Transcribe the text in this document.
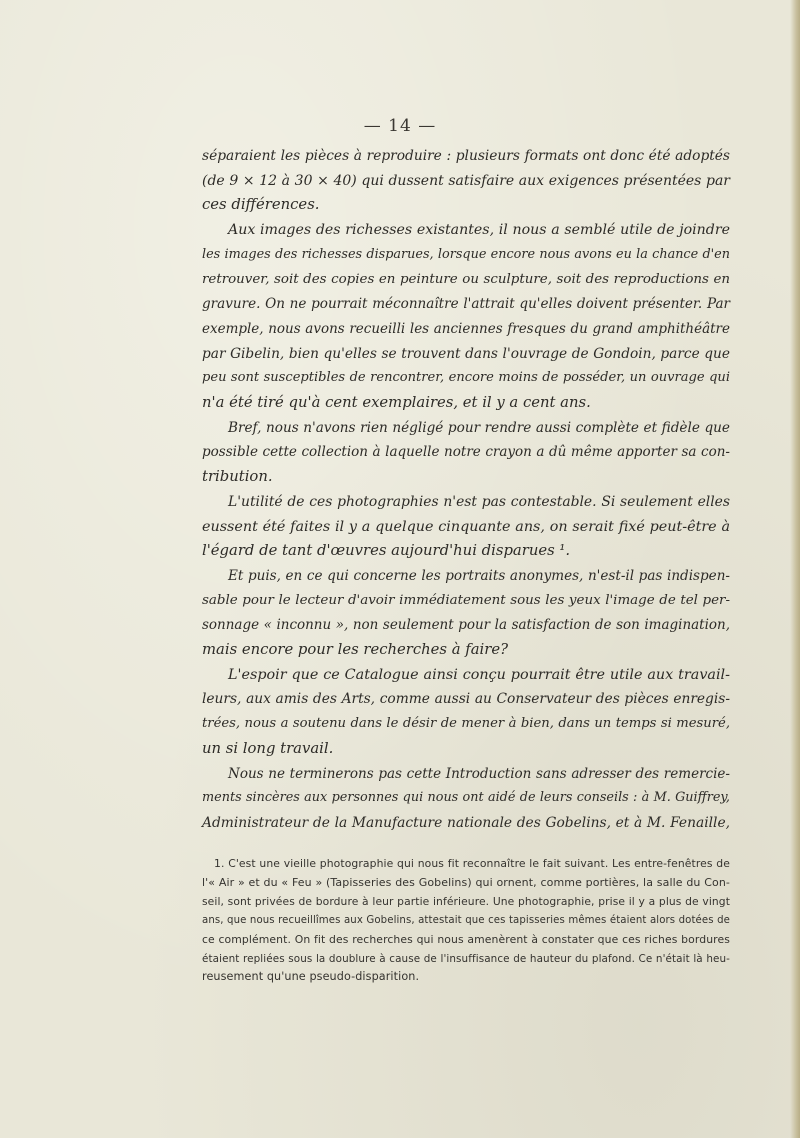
— 14 —
séparaient les pièces à reproduire : plusieurs formats ont donc été adoptés
(de 9 × 12 à 30 × 40) qui dussent satisfaire aux exigences présentées par
ces différences.
Aux images des richesses existantes, il nous a semblé utile de joindre
les images des richesses disparues, lorsque encore nous avons eu la chance d'en
retrouver, soit des copies en peinture ou sculpture, soit des reproductions en
gravure. On ne pourrait méconnaître l'attrait qu'elles doivent présenter. Par
exemple, nous avons recueilli les anciennes fresques du grand amphithéâtre
par Gibelin, bien qu'elles se trouvent dans l'ouvrage de Gondoin, parce que
peu sont susceptibles de rencontrer, encore moins de posséder, un ouvrage qui
n'a été tiré qu'à cent exemplaires, et il y a cent ans.
Bref, nous n'avons rien négligé pour rendre aussi complète et fidèle que
possible cette collection à laquelle notre crayon a dû même apporter sa con-
tribution.
L'utilité de ces photographies n'est pas contestable. Si seulement elles
eussent été faites il y a quelque cinquante ans, on serait fixé peut-être à
l'égard de tant d'œuvres aujourd'hui disparues ¹.
Et puis, en ce qui concerne les portraits anonymes, n'est-il pas indispen-
sable pour le lecteur d'avoir immédiatement sous les yeux l'image de tel per-
sonnage « inconnu », non seulement pour la satisfaction de son imagination,
mais encore pour les recherches à faire?
L'espoir que ce Catalogue ainsi conçu pourrait être utile aux travail-
leurs, aux amis des Arts, comme aussi au Conservateur des pièces enregis-
trées, nous a soutenu dans le désir de mener à bien, dans un temps si mesuré,
un si long travail.
Nous ne terminerons pas cette Introduction sans adresser des remercie-
ments sincères aux personnes qui nous ont aidé de leurs conseils : à M. Guiffrey,
Administrateur de la Manufacture nationale des Gobelins, et à M. Fenaille,
1. C'est une vieille photographie qui nous fit reconnaître le fait suivant. Les entre-fenêtres de
l'« Air » et du « Feu » (Tapisseries des Gobelins) qui ornent, comme portières, la salle du Con-
seil, sont privées de bordure à leur partie inférieure. Une photographie, prise il y a plus de vingt
ans, que nous recueillîmes aux Gobelins, attestait que ces tapisseries mêmes étaient alors dotées de
ce complément. On fit des recherches qui nous amenèrent à constater que ces riches bordures
étaient repliées sous la doublure à cause de l'insuffisance de hauteur du plafond. Ce n'était là heu-
reusement qu'une pseudo-disparition.
